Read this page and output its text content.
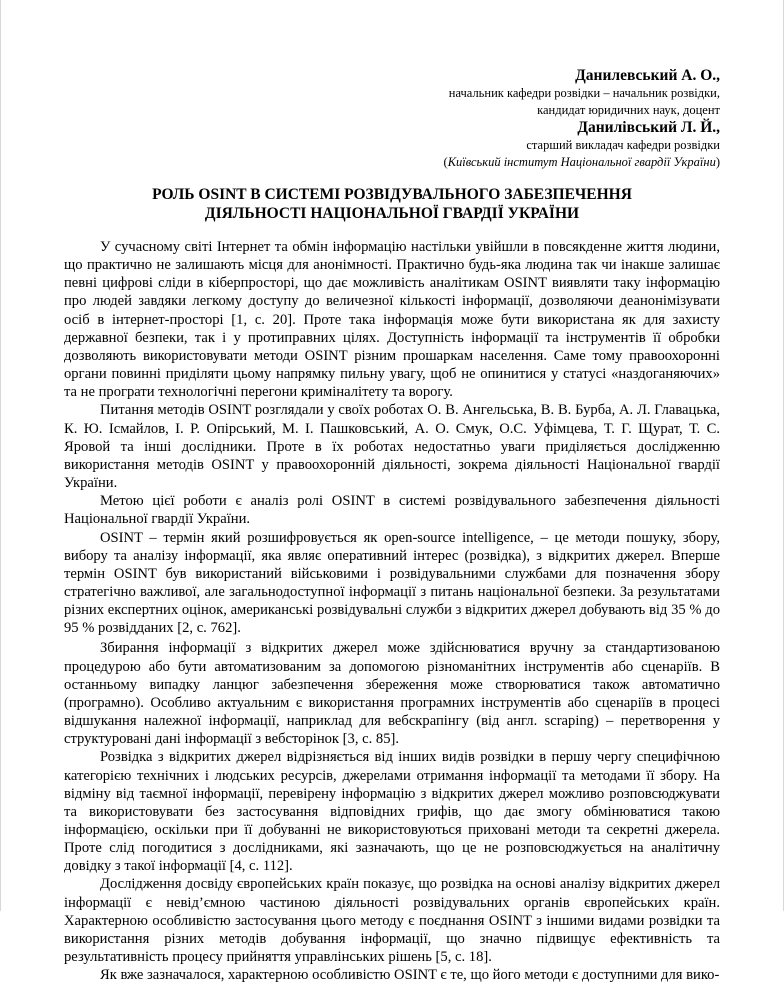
Данилевський А. О.,
начальник кафедри розвідки – начальник розвідки,
кандидат юридичних наук, доцент
Данилівський Л. Й.,
старший викладач кафедри розвідки
(Київський інститут Національної гвардії України)
РОЛЬ OSINT В СИСТЕМІ РОЗВІДУВАЛЬНОГО ЗАБЕЗПЕЧЕННЯ
ДІЯЛЬНОСТІ НАЦІОНАЛЬНОЇ ГВАРДІЇ УКРАЇНИ

У сучасному світі Інтернет та обмін інформацію настільки увійшли в повсякденне життя людини, що практично не залишають місця для анонімності. Практично будь-яка людина так чи інакше залишає певні цифрові сліди в кіберпросторі, що дає можливість аналітикам OSINT виявляти таку інформацію про людей завдяки легкому доступу до величезної кількості інформації, дозволяючи деанонімізувати осіб в інтернет-просторі [1, с. 20]. Проте така інформація може бути використана як для захисту державної безпеки, так і у протиправних цілях. Доступність інформації та інструментів її обробки дозволяють використовувати методи OSINT різним прошаркам населення. Саме тому правоохоронні органи повинні приділяти цьому напрямку пильну увагу, щоб не опинитися у статусі «наздоганяючих» та не програти технологічні перегони криміналітету та ворогу.

Питання методів OSINT розглядали у своїх роботах О. В. Ангельська, В. В. Бурба, А. Л. Главацька, К. Ю. Ісмайлов, І. Р. Опірський, М. І. Пашковський, А. О. Смук, О.С. Уфімцева, Т. Г. Щурат, Т. С. Яровой та інші дослідники. Проте в їх роботах недостатньо уваги приділяється дослідженню використання методів OSINT у правоохоронній діяльності, зокрема діяльності Національної гвардії України.

Метою цієї роботи є аналіз ролі OSINT в системі розвідувального забезпечення діяльності Національної гвардії України.

OSINT – термін який розшифровується як open-source intelligence, – це методи пошуку, збору, вибору та аналізу інформації, яка являє оперативний інтерес (розвідка), з відкритих джерел. Вперше термін OSINT був використаний військовими і розвідувальними службами для позначення збору стратегічно важливої, але загальнодоступної інформації з питань національної безпеки. За результатами різних експертних оцінок, американські розвідувальні служби з відкритих джерел добувають від 35 % до 95 % розвідданих [2, с. 762].

Збирання інформації з відкритих джерел може здійснюватися вручну за стандартизованою процедурою або бути автоматизованим за допомогою різноманітних інструментів або сценаріїв. В останньому випадку ланцюг забезпечення збереження може створюватися також автоматично (програмно). Особливо актуальним є використання програмних інструментів або сценаріїв в процесі відшукання належної інформації, наприклад для вебскрапінгу (від англ. scraping) – перетворення у структуровані дані інформації з вебсторінок [3, с. 85].

Розвідка з відкритих джерел відрізняється від інших видів розвідки в першу чергу специфічною категорією технічних і людських ресурсів, джерелами отримання інформації та методами її збору. На відміну від таємної інформації, перевірену інформацію з відкритих джерел можливо розповсюджувати та використовувати без застосування відповідних грифів, що дає змогу обмінюватися такою інформацією, оскільки при її добуванні не використовуються приховані методи та секретні джерела. Проте слід погодитися з дослідниками, які зазначають, що це не розповсюджується на аналітичну довідку з такої інформації [4, с. 112].

Дослідження досвіду європейських країн показує, що розвідка на основі аналізу відкритих джерел інформації є невід’ємною частиною діяльності розвідувальних органів європейських країн. Характерною особливістю застосування цього методу є поєднання OSINT з іншими видами розвідки та використання різних методів добування інформації, що значно підвищує ефективність та результативність процесу прийняття управлінських рішень [5, с. 18].

Як вже зазначалося, характерною особливістю OSINT є те, що його методи є доступними для вико-
